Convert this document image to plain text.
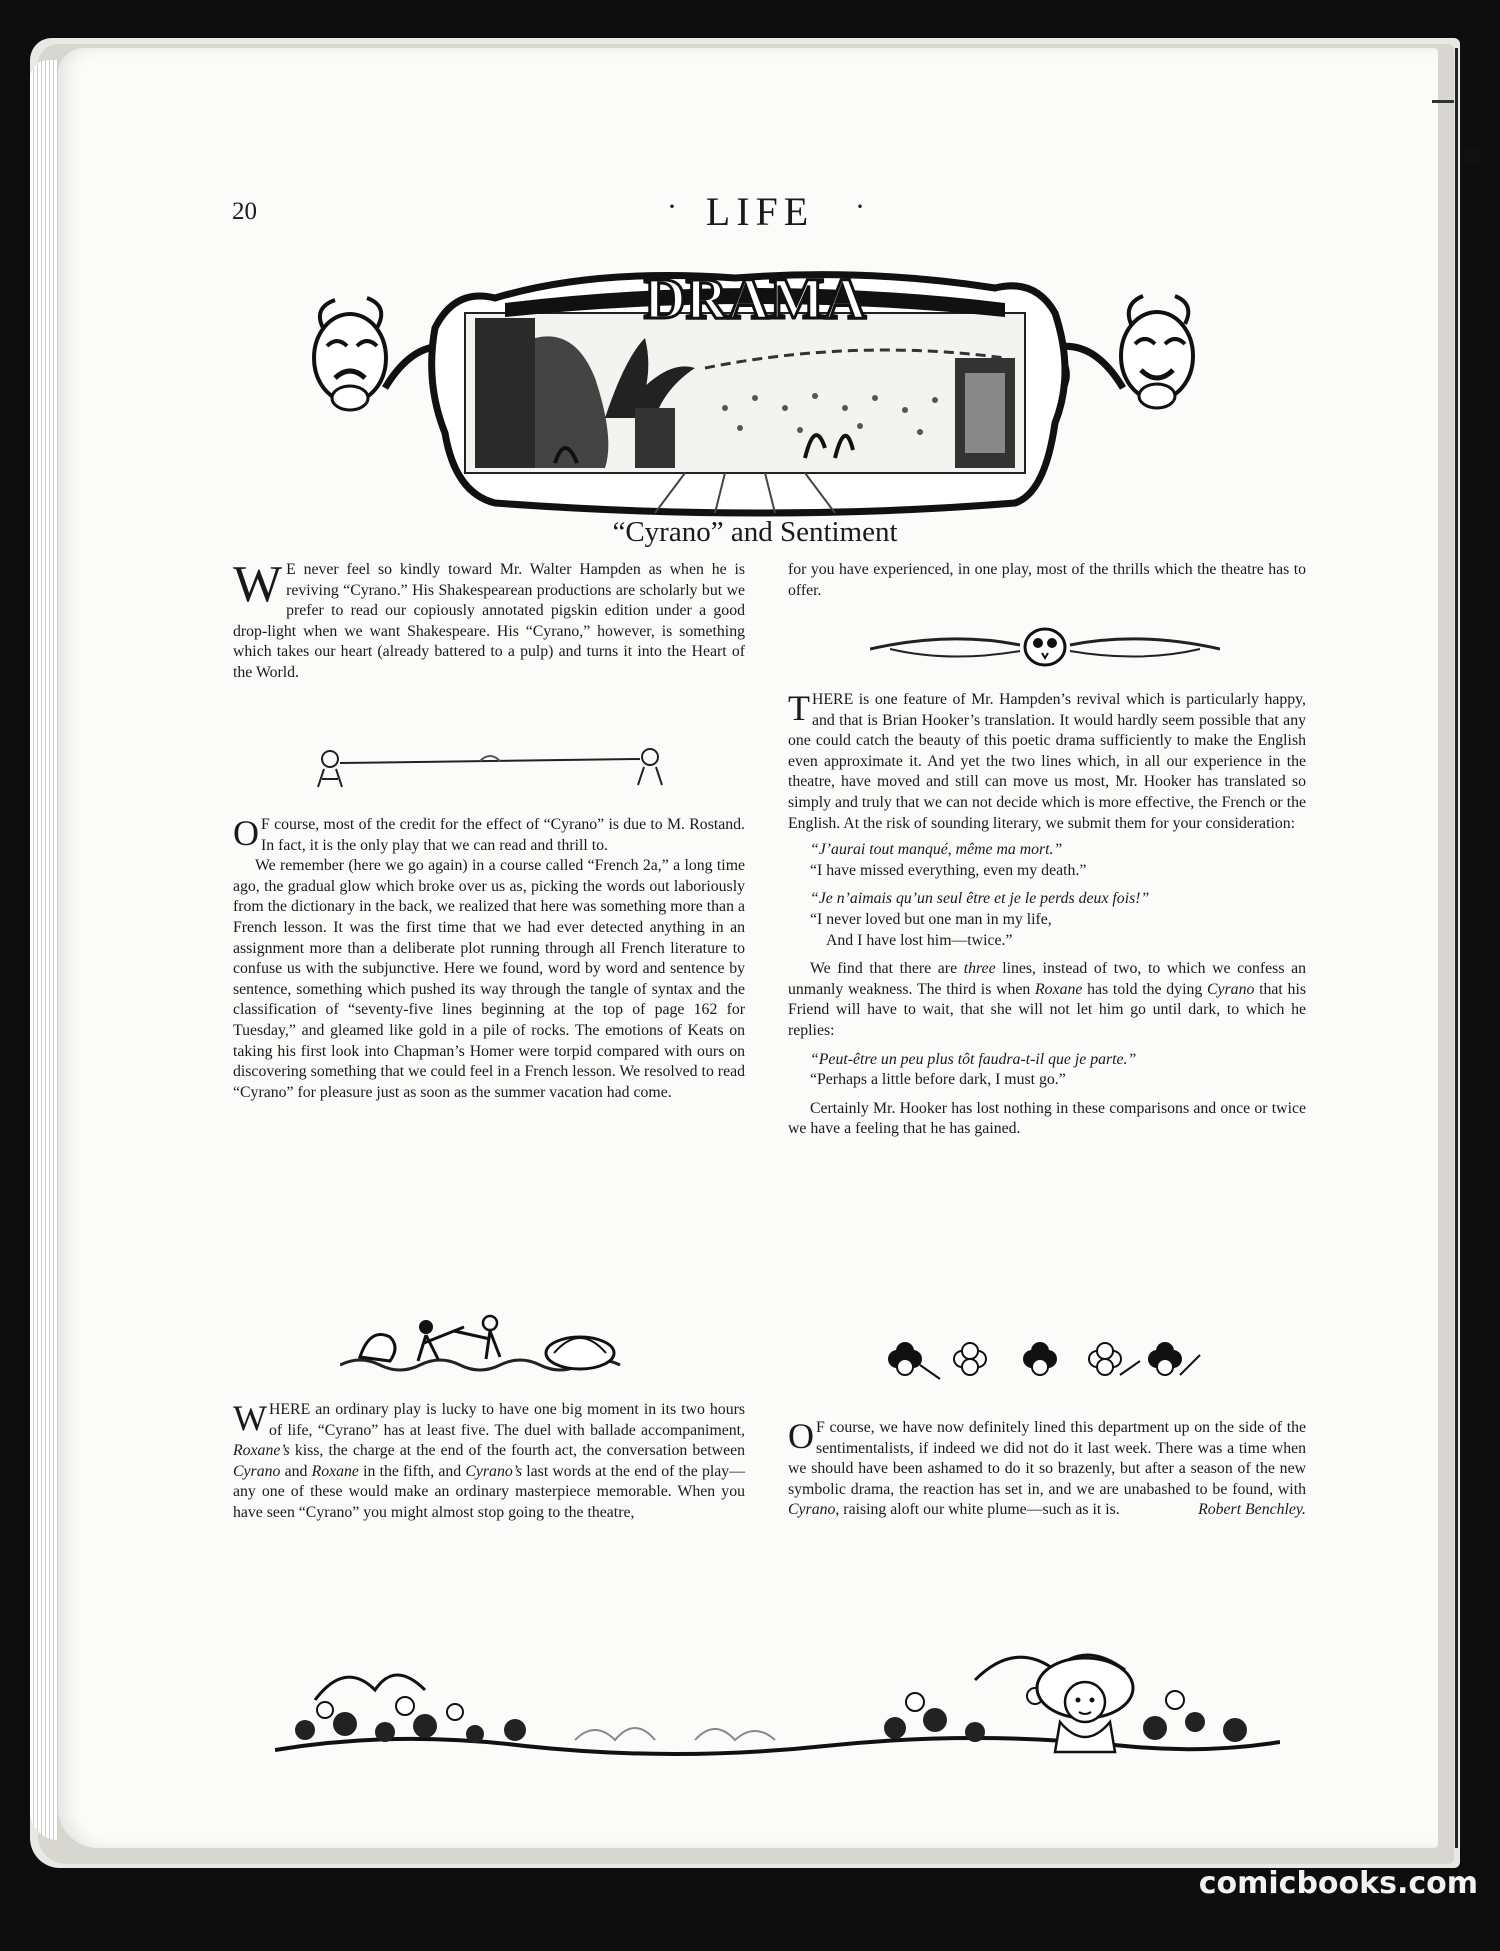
20	· LIFE	·
DRAMA
“Cyrano” and Sentiment

W E never feel so kindly toward Mr. Walter Hampden as when he is reviving “Cyrano.” His Shakespearean productions are scholarly but we prefer to read our copiously annotated pigskin edition under a good drop-light when we want Shakespeare. His “Cyrano,” however, is something which takes our heart (already battered to a pulp) and turns it into the Heart of the World.

O F course, most of the credit for the effect of “Cyrano” is due to M. Rostand. In fact, it is the only play that we can read and thrill to.

We remember (here we go again) in a course called “French 2a,” a long time ago, the gradual glow which broke over us as, picking the words out laboriously from the dictionary in the back, we realized that here was something more than a French lesson. It was the first time that we had ever detected anything in an assignment more than a deliberate plot running through all French literature to confuse us with the subjunctive. Here we found, word by word and sentence by sentence, something which pushed its way through the tangle of syntax and the classification of “seventy-five lines beginning at the top of page 162 for Tuesday,” and gleamed like gold in a pile of rocks. The emotions of Keats on taking his first look into Chapman’s Homer were torpid compared with ours on discovering something that we could feel in a French lesson. We resolved to read “Cyrano” for pleasure just as soon as the summer vacation had come.

WHERE an ordinary play is lucky to have one big moment in its two hours of life, “Cyrano” has at least five. The duel with ballade accompaniment, Roxane’s kiss, the charge at the end of the fourth act, the conversation between Cyrano and Roxane in the fifth, and Cyrano’s last words at the end of the play—any one of these would make an ordinary masterpiece memorable. When you have seen “Cyrano” you might almost stop going to the theatre,

for you have experienced, in one play, most of the thrills which the theatre has to offer.

THERE is one feature of Mr. Hampden’s revival which is particularly happy, and that is Brian Hooker’s translation. It would hardly seem possible that any one could catch the beauty of this poetic drama sufficiently to make the English even approximate it. And yet the two lines which, in all our experience in the theatre, have moved and still can move us most, Mr. Hooker has translated so simply and truly that we can not decide which is more effective, the French or the English. At the risk of sounding literary, we submit them for your consideration:

“J’aurai tout manqué, même ma mort.”

“I have missed everything, even my death.”

“Je n’aimais qu’un seul être et je le perds deux fois!”

“I never loved but one man in my life,

And I have lost him—twice.”

We find that there are three lines, instead of two, to which we confess an unmanly weakness. The third is when Roxane has told the dying Cyrano that his Friend will have to wait, that she will not let him go until dark, to which he replies:

“Peut-être un peu plus tôt faudra-t-il que je parte.”

“Perhaps a little before dark, I must go.”

Certainly Mr. Hooker has lost nothing in these comparisons and once or twice we have a feeling that he has gained.

O F course, we have now definitely lined this department up on the side of the sentimentalists, if indeed we did not do it last week. There was a time when we should have been ashamed to do it so brazenly, but after a season of the new symbolic drama, the reaction has set in, and we are unabashed to be found, with Cyrano, raising aloft our white plume—such as it is.	Robert Benchley.

comicbooks.com
